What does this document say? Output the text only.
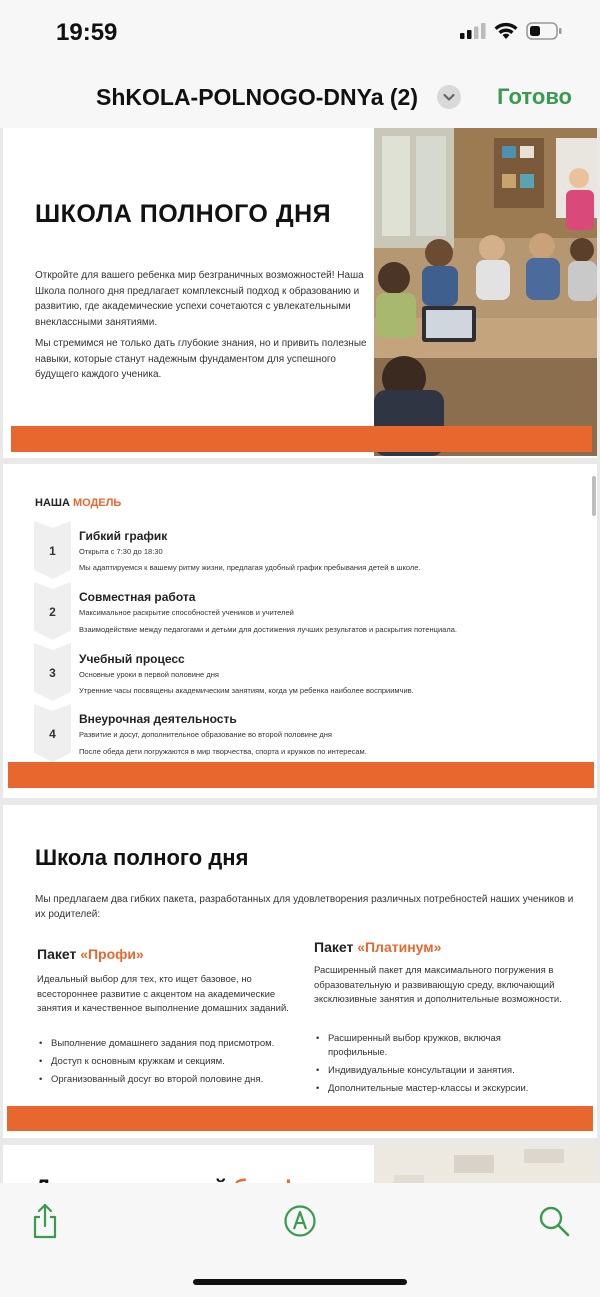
19:59
ShKOLA-POLNOGO-DNYa (2)	Готово
ШКОЛА ПОЛНОГО ДНЯ
Откройте для вашего ребенка мир безграничных возможностей! Наша Школа полного дня предлагает комплексный подход к образованию и развитию, где академические успехи сочетаются с увлекательными внеклассными занятиями.
Мы стремимся не только дать глубокие знания, но и привить полезные навыки, которые станут надежным фундаментом для успешного будущего каждого ученика.
НАША МОДЕЛЬ
1
Гибкий график
Открыта с 7:30 до 18:30
Мы адаптируемся к вашему ритму жизни, предлагая удобный график пребывания детей в школе.
2
Совместная работа
Максимальное раскрытие способностей учеников и учителей
Взаимодействие между педагогами и детьми для достижения лучших результатов и раскрытия потенциала.
3
Учебный процесс
Основные уроки в первой половине дня
Утренние часы посвящены академическим занятиям, когда ум ребенка наиболее восприимчив.
4
Внеурочная деятельность
Развитие и досуг, дополнительное образование во второй половине дня
После обеда дети погружаются в мир творчества, спорта и кружков по интересам.
Школа полного дня
Мы предлагаем два гибких пакета, разработанных для удовлетворения различных потребностей наших учеников и их родителей:
Пакет «Профи»
Идеальный выбор для тех, кто ищет базовое, но всестороннее развитие с акцентом на академические занятия и качественное выполнение домашних заданий.
• Выполнение домашнего задания под присмотром.
• Доступ к основным кружкам и секциям.
• Организованный досуг во второй половине дня.
Пакет «Платинум»
Расширенный пакет для максимального погружения в образовательную и развивающую среду, включающий эксклюзивные занятия и дополнительные возможности.
• Расширенный выбор кружков, включая профильные.
• Индивидуальные консультации и занятия.
• Дополнительные мастер-классы и экскурсии.
